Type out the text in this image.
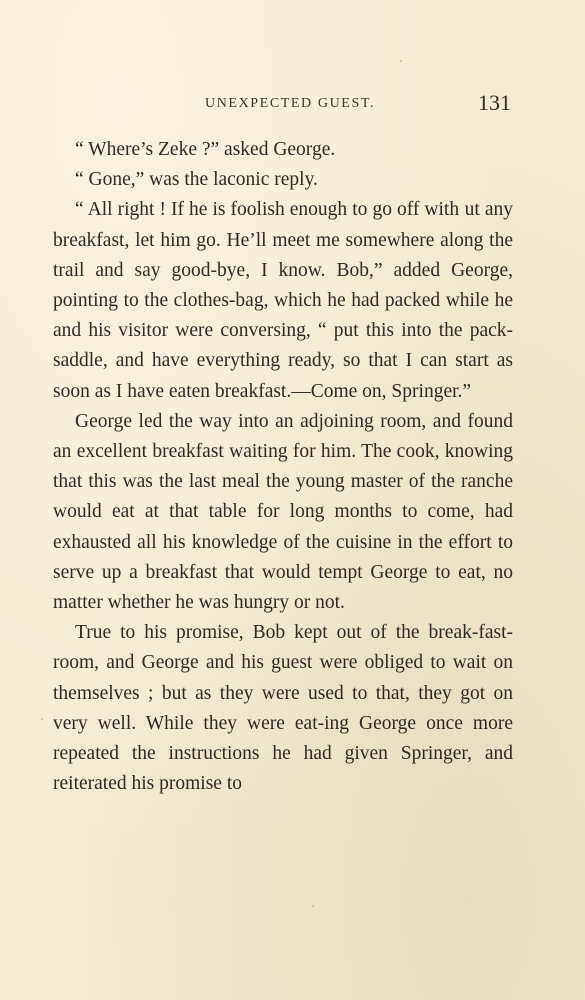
UNEXPECTED GUEST.	131

“ Where’s Zeke ?” asked George.

“ Gone,” was the laconic reply.

“ All right ! If he is foolish enough to go off with  ut any breakfast, let him go. He’ll meet me somewhere along the trail and say good-bye, I know. Bob,” added George, pointing to the clothes-bag, which he had packed while he and his visitor were conversing, “ put this into the pack-saddle, and have everything ready, so that I can start as soon as I have eaten breakfast.—Come on, Springer.”

George led the way into an adjoining room, and found an excellent breakfast waiting for him. The cook, knowing that this was the last meal the young master of the ranche would eat at that table for long months to come, had exhausted all his knowledge of the cuisine in the effort to serve up a breakfast that would tempt George to eat, no matter whether he was hungry or not.

True to his promise, Bob kept out of the break-fast-room, and George and his guest were obliged to wait on themselves ; but as they were used to that, they got on very well. While they were eat-ing George once more repeated the instructions he had given Springer, and reiterated his promise to
